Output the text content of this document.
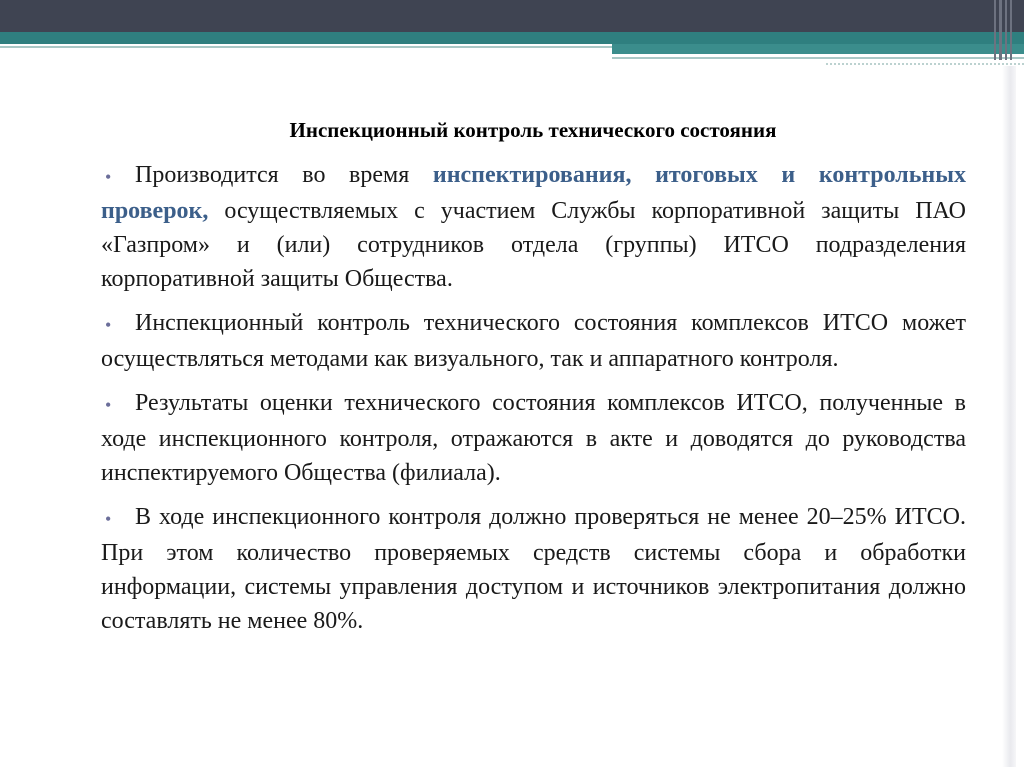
Инспекционный контроль технического состояния
• Производится во время инспектирования, итоговых и контрольных проверок, осуществляемых с участием Службы корпоративной защиты ПАО «Газпром» и (или) сотрудников отдела (группы) ИТСО подразделения корпоративной защиты Общества.
• Инспекционный контроль технического состояния комплексов ИТСО может осуществляться методами как визуального, так и аппаратного контроля.
• Результаты оценки технического состояния комплексов ИТСО, полученные в ходе инспекционного контроля, отражаются в акте и доводятся до руководства инспектируемого Общества (филиала).
• В ходе инспекционного контроля должно проверяться не менее 20–25% ИТСО. При этом количество проверяемых средств системы сбора и обработки информации, системы управления доступом и источников электропитания должно составлять не менее 80%.
